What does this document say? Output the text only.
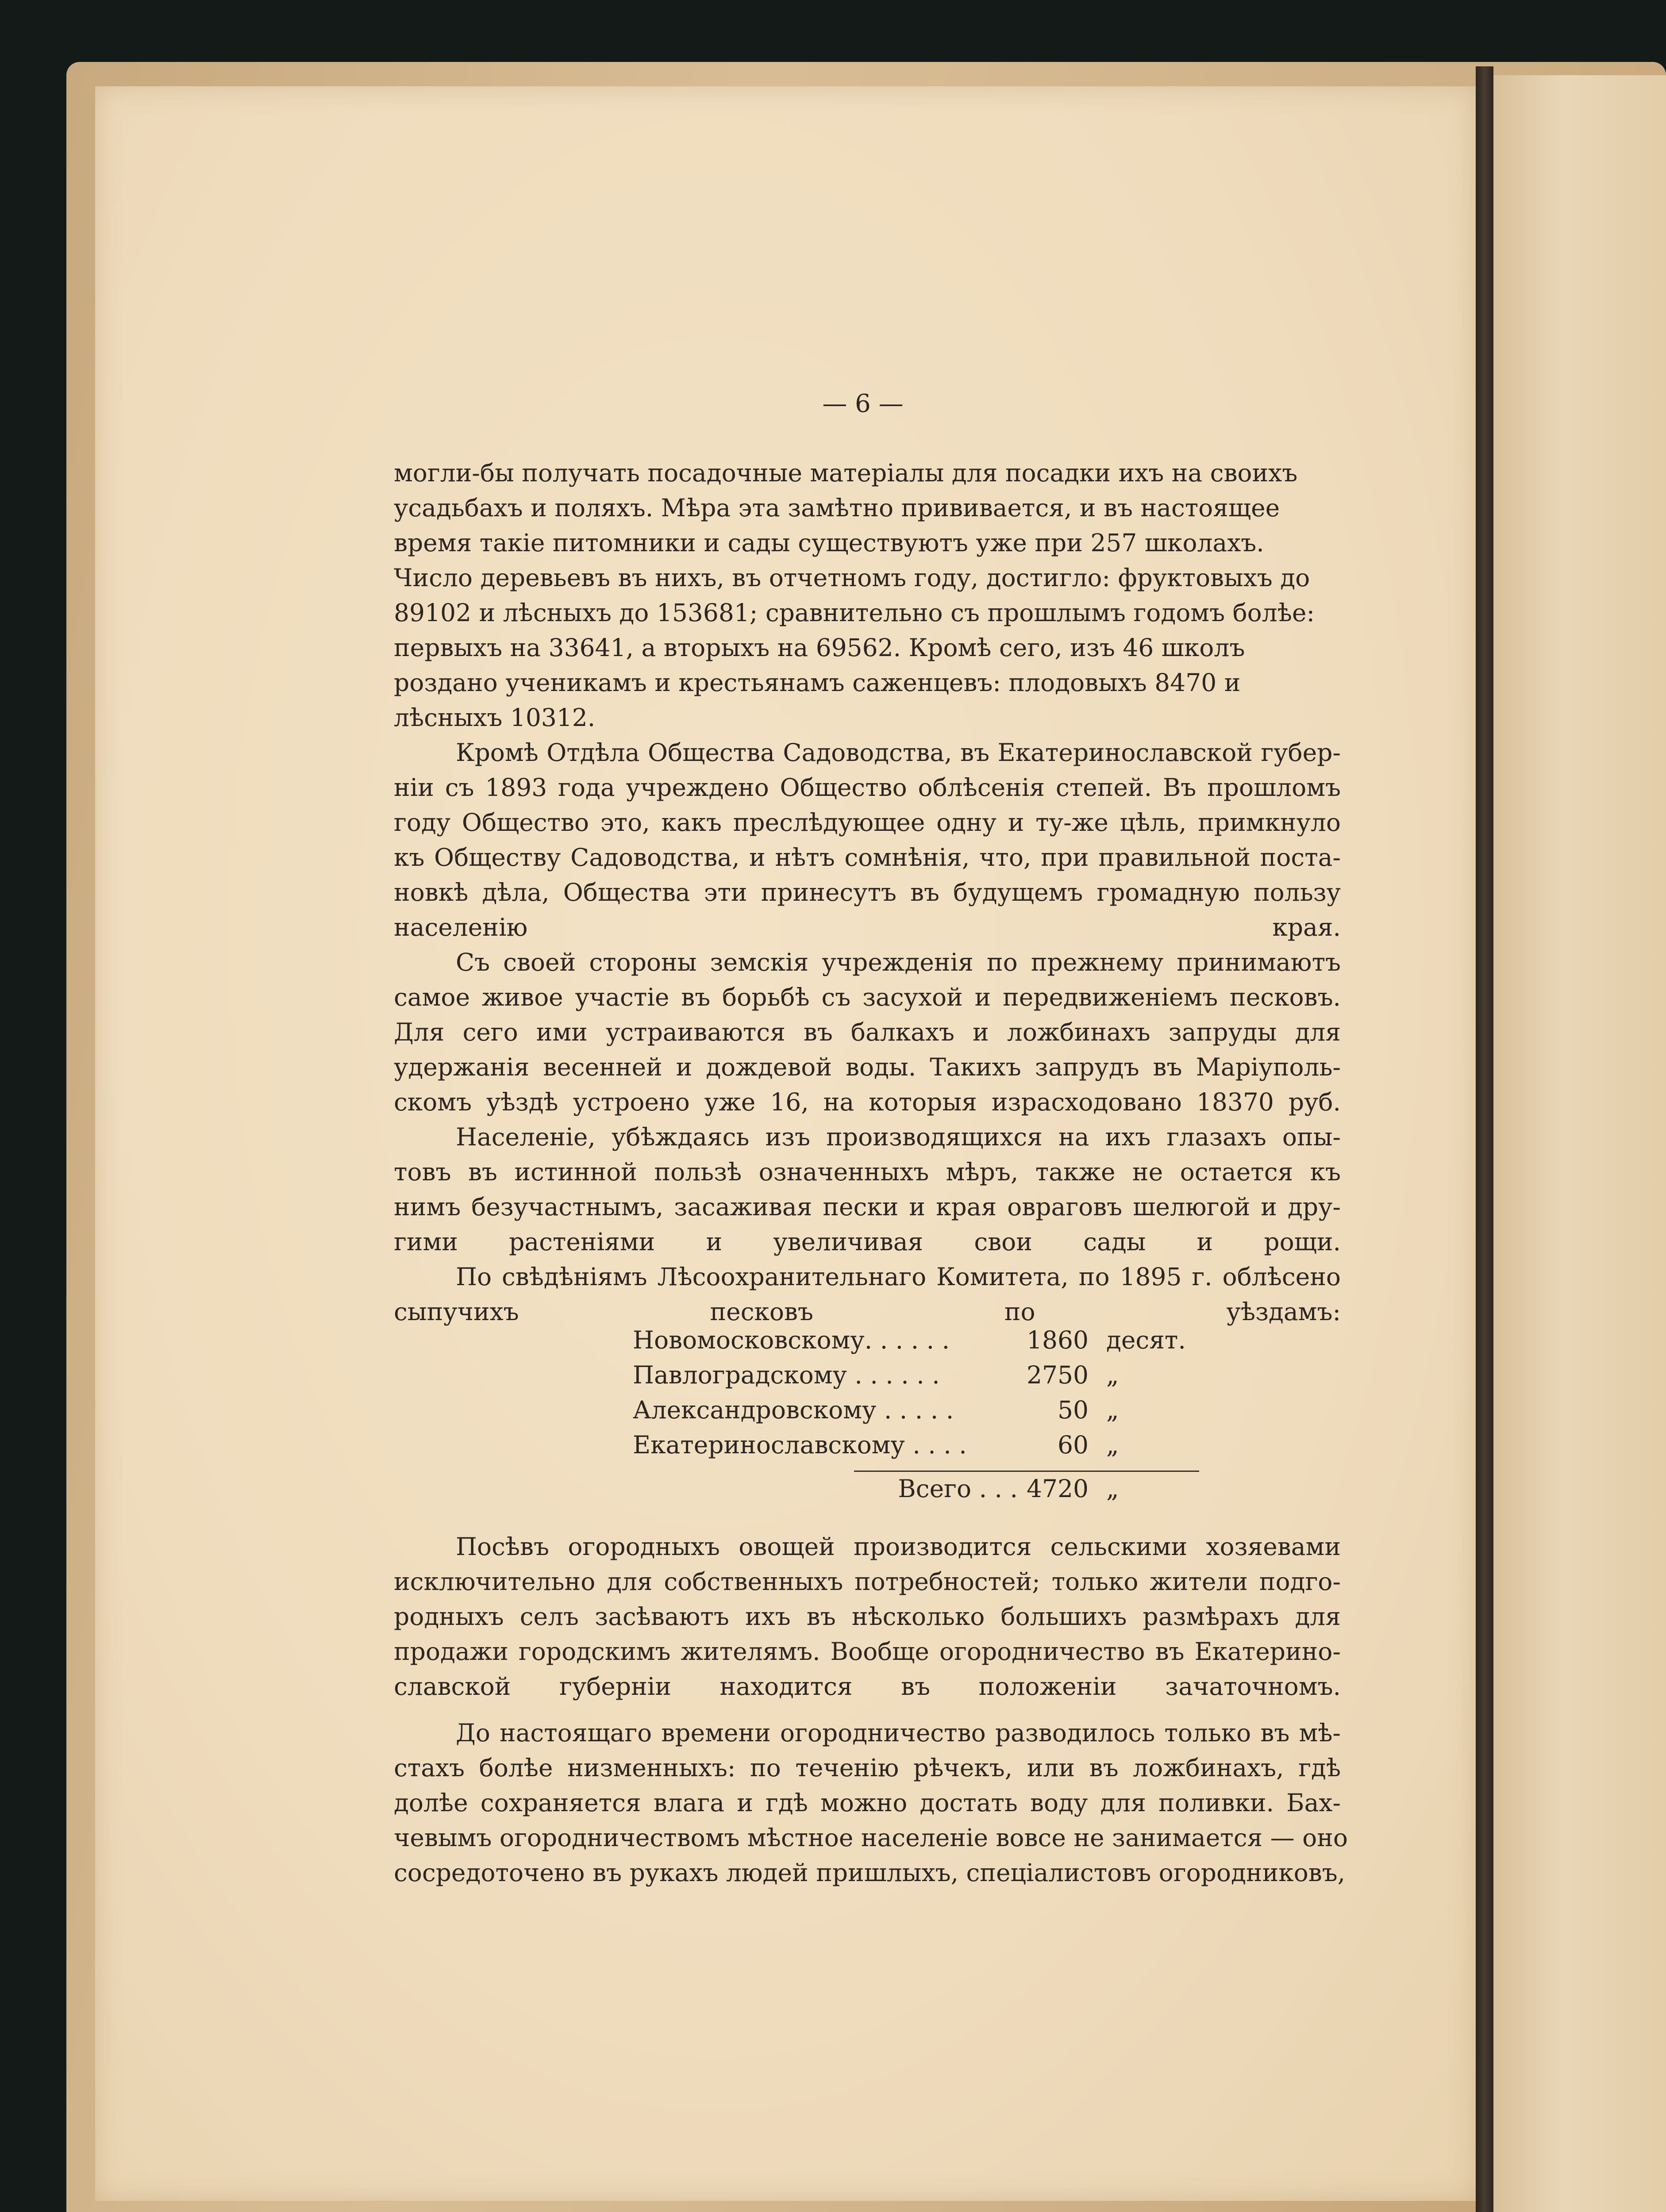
— 6 —

могли-бы получать посадочные матеріалы для посадки ихъ на своихъ
усадьбахъ и поляхъ. Мѣра эта замѣтно прививается, и въ настоящее
время такіе питомники и сады существуютъ уже при 257 школахъ.
Число деревьевъ въ нихъ, въ отчетномъ году, достигло: фруктовыхъ до
89102 и лѣсныхъ до 153681; сравнительно съ прошлымъ годомъ болѣе:
первыхъ на 33641, а вторыхъ на 69562. Кромѣ сего, изъ 46 школъ
роздано ученикамъ и крестьянамъ саженцевъ: плодовыхъ 8470 и
лѣсныхъ 10312.

Кромѣ Отдѣла Общества Садоводства, въ Екатеринославской губер-
ніи съ 1893 года учреждено Общество облѣсенія степей. Въ прошломъ
году Общество это, какъ преслѣдующее одну и ту-же цѣль, примкнуло
къ Обществу Садоводства, и нѣтъ сомнѣнія, что, при правильной поста-
новкѣ дѣла, Общества эти принесутъ въ будущемъ громадную пользу
населенію края.

Съ своей стороны земскія учрежденія по прежнему принимаютъ
самое живое участіе въ борьбѣ съ засухой и передвиженіемъ песковъ.
Для сего ими устраиваются въ балкахъ и ложбинахъ запруды для
удержанія весенней и дождевой воды. Такихъ запрудъ въ Маріуполь-
скомъ уѣздѣ устроено уже 16, на которыя израсходовано 18370 руб.

Населеніе, убѣждаясь изъ производящихся на ихъ глазахъ опы-
товъ въ истинной пользѣ означенныхъ мѣръ, также не остается къ
нимъ безучастнымъ, засаживая пески и края овраговъ шелюгой и дру-
гими растеніями и увеличивая свои сады и рощи.

По свѣдѣніямъ Лѣсоохранительнаго Комитета, по 1895 г. облѣсено
сыпучихъ песковъ по уѣздамъ:

Посѣвъ огородныхъ овощей производится сельскими хозяевами
исключительно для собственныхъ потребностей; только жители подго-
родныхъ селъ засѣваютъ ихъ въ нѣсколько большихъ размѣрахъ для
продажи городскимъ жителямъ. Вообще огородничество въ Екатерино-
славской губерніи находится въ положеніи зачаточномъ.

До настоящаго времени огородничество разводилось только въ мѣ-
стахъ болѣе низменныхъ: по теченію рѣчекъ, или въ ложбинахъ, гдѣ
долѣе сохраняется влага и гдѣ можно достать воду для поливки. Бах-
чевымъ огородничествомъ мѣстное населеніе вовсе не занимается — оно
сосредоточено въ рукахъ людей пришлыхъ, спеціалистовъ огородниковъ,

Новомосковскому. . . . . .	1860 десят.
Павлоградскому . . . . . .	2750 „
Александровскому . . . . .	50 „
Екатеринославскому . . . .	60 „
Всего . . . 4720 „
